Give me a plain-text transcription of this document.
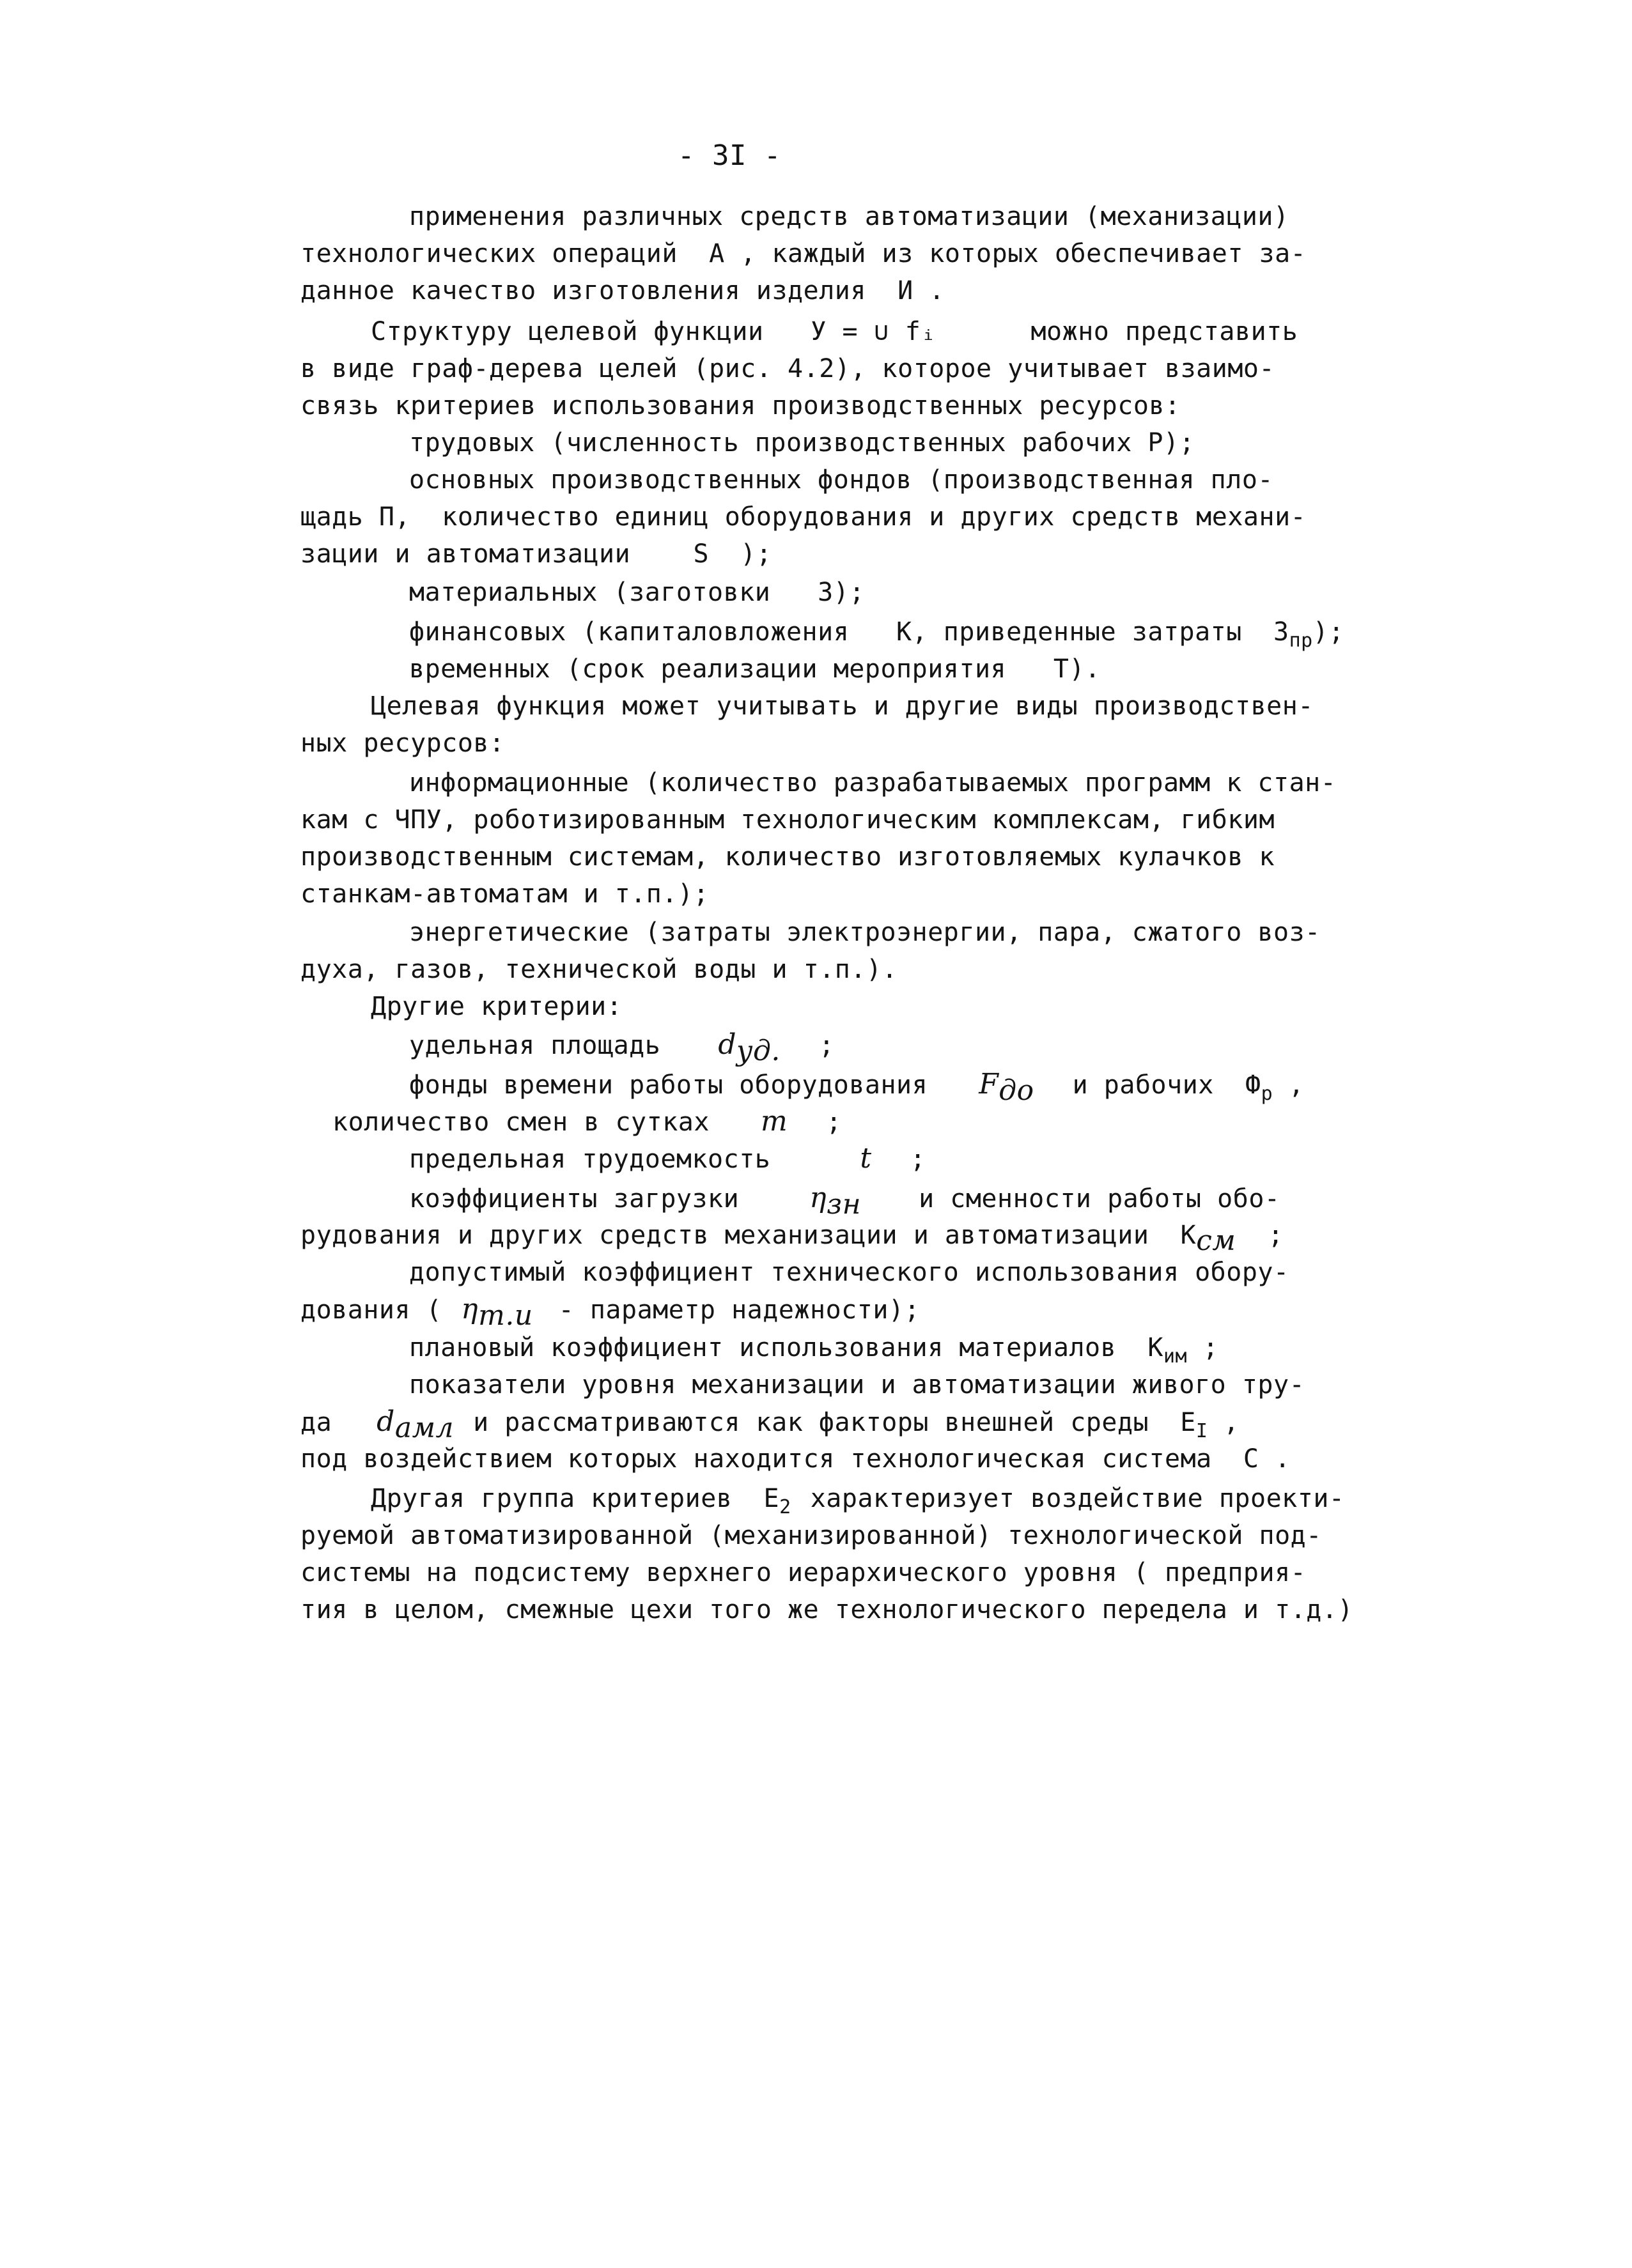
- 3I -
применения различных средств автоматизации (механизации)
технологических операций  А , каждый из которых обеспечивает за-
данное качество изготовления изделия  И .
Структуру целевой функции   У = ∪ fᵢ      можно представить
в виде граф-дерева целей (рис. 4.2), которое учитывает взаимо-
связь критериев использования производственных ресурсов:
трудовых (численность производственных рабочих Р);
основных производственных фондов (производственная пло-
щадь П,  количество единиц оборудования и других средств механи-
зации и автоматизации    S  );
материальных (заготовки   З);
финансовых (капиталовложения   К, приведенные затраты  $З_{пр}$);
временных (срок реализации мероприятия   Т).
Целевая функция может учитывать и другие виды производствен-
ных ресурсов:
информационные (количество разрабатываемых программ к стан-
кам с ЧПУ, роботизированным технологическим комплексам, гибким
производственным системам, количество изготовляемых кулачков к
станкам-автоматам и т.п.);
энергетические (затраты электроэнергии, пара, сжатого воз-
духа, газов, технической воды и т.п.).
Другие критерии:
удельная площадь $d_{уд.}$ ;
фонды времени работы оборудования $F_{до}$ и рабочих  $Ф_р$ ,
количество смен в сутках m ;
предельная трудоемкость	t ;
коэффициенты загрузки	$\eta_{зн}$ и сменности работы обо-
рудования и других средств механизации и автоматизации  $К_{см}$ ;
допустимый коэффициент технического использования обору-
дования ( $\eta_{т.и}$ - параметр надежности);
плановый коэффициент использования материалов  $К_{им}$ ;
показатели уровня механизации и автоматизации живого тру-
да $d_{амл}$ и рассматриваются как факторы внешней среды  $Е_I$ ,
под воздействием которых находится технологическая система  С .
Другая группа критериев  $Е_2$ характеризует воздействие проекти-
руемой автоматизированной (механизированной) технологической под-
системы на подсистему верхнего иерархического уровня ( предприя-
тия в целом, смежные цехи того же технологического передела и т.д.)
